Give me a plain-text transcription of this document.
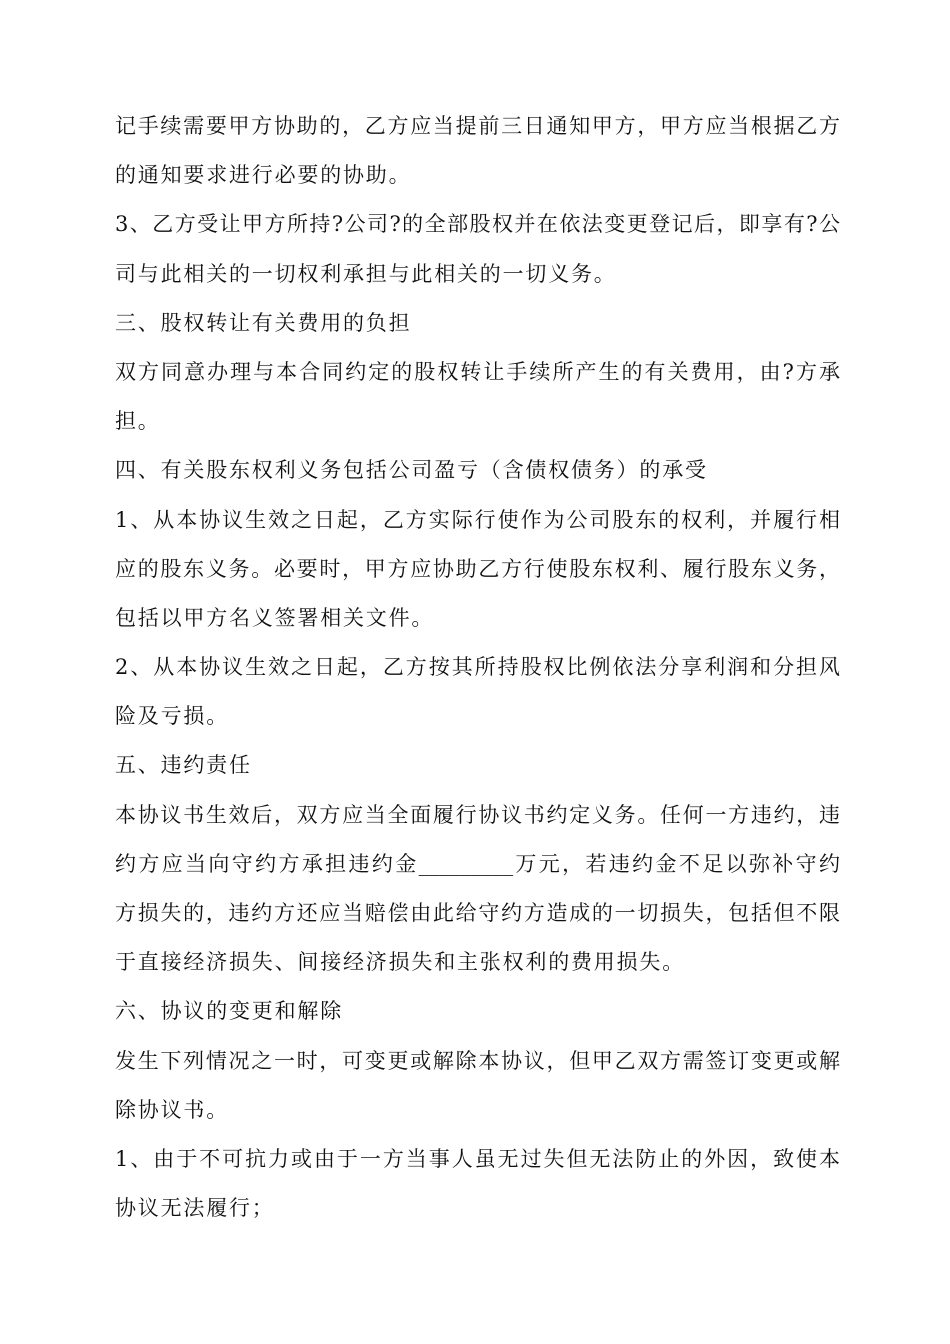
记手续需要甲方协助的，乙方应当提前三日通知甲方，甲方应当根据乙方
的通知要求进行必要的协助。
3、乙方受让甲方所持?公司?的全部股权并在依法变更登记后，即享有?公
司与此相关的一切权利承担与此相关的一切义务。
三、股权转让有关费用的负担
双方同意办理与本合同约定的股权转让手续所产生的有关费用，由?方承
担。
四、有关股东权利义务包括公司盈亏（含债权债务）的承受
1、从本协议生效之日起，乙方实际行使作为公司股东的权利，并履行相
应的股东义务。必要时，甲方应协助乙方行使股东权利、履行股东义务，
包括以甲方名义签署相关文件。
2、从本协议生效之日起，乙方按其所持股权比例依法分享利润和分担风
险及亏损。
五、违约责任
本协议书生效后，双方应当全面履行协议书约定义务。任何一方违约，违
约方应当向守约方承担违约金_________万元，若违约金不足以弥补守约
方损失的，违约方还应当赔偿由此给守约方造成的一切损失，包括但不限
于直接经济损失、间接经济损失和主张权利的费用损失。
六、协议的变更和解除
发生下列情况之一时，可变更或解除本协议，但甲乙双方需签订变更或解
除协议书。
1、由于不可抗力或由于一方当事人虽无过失但无法防止的外因，致使本
协议无法履行；
